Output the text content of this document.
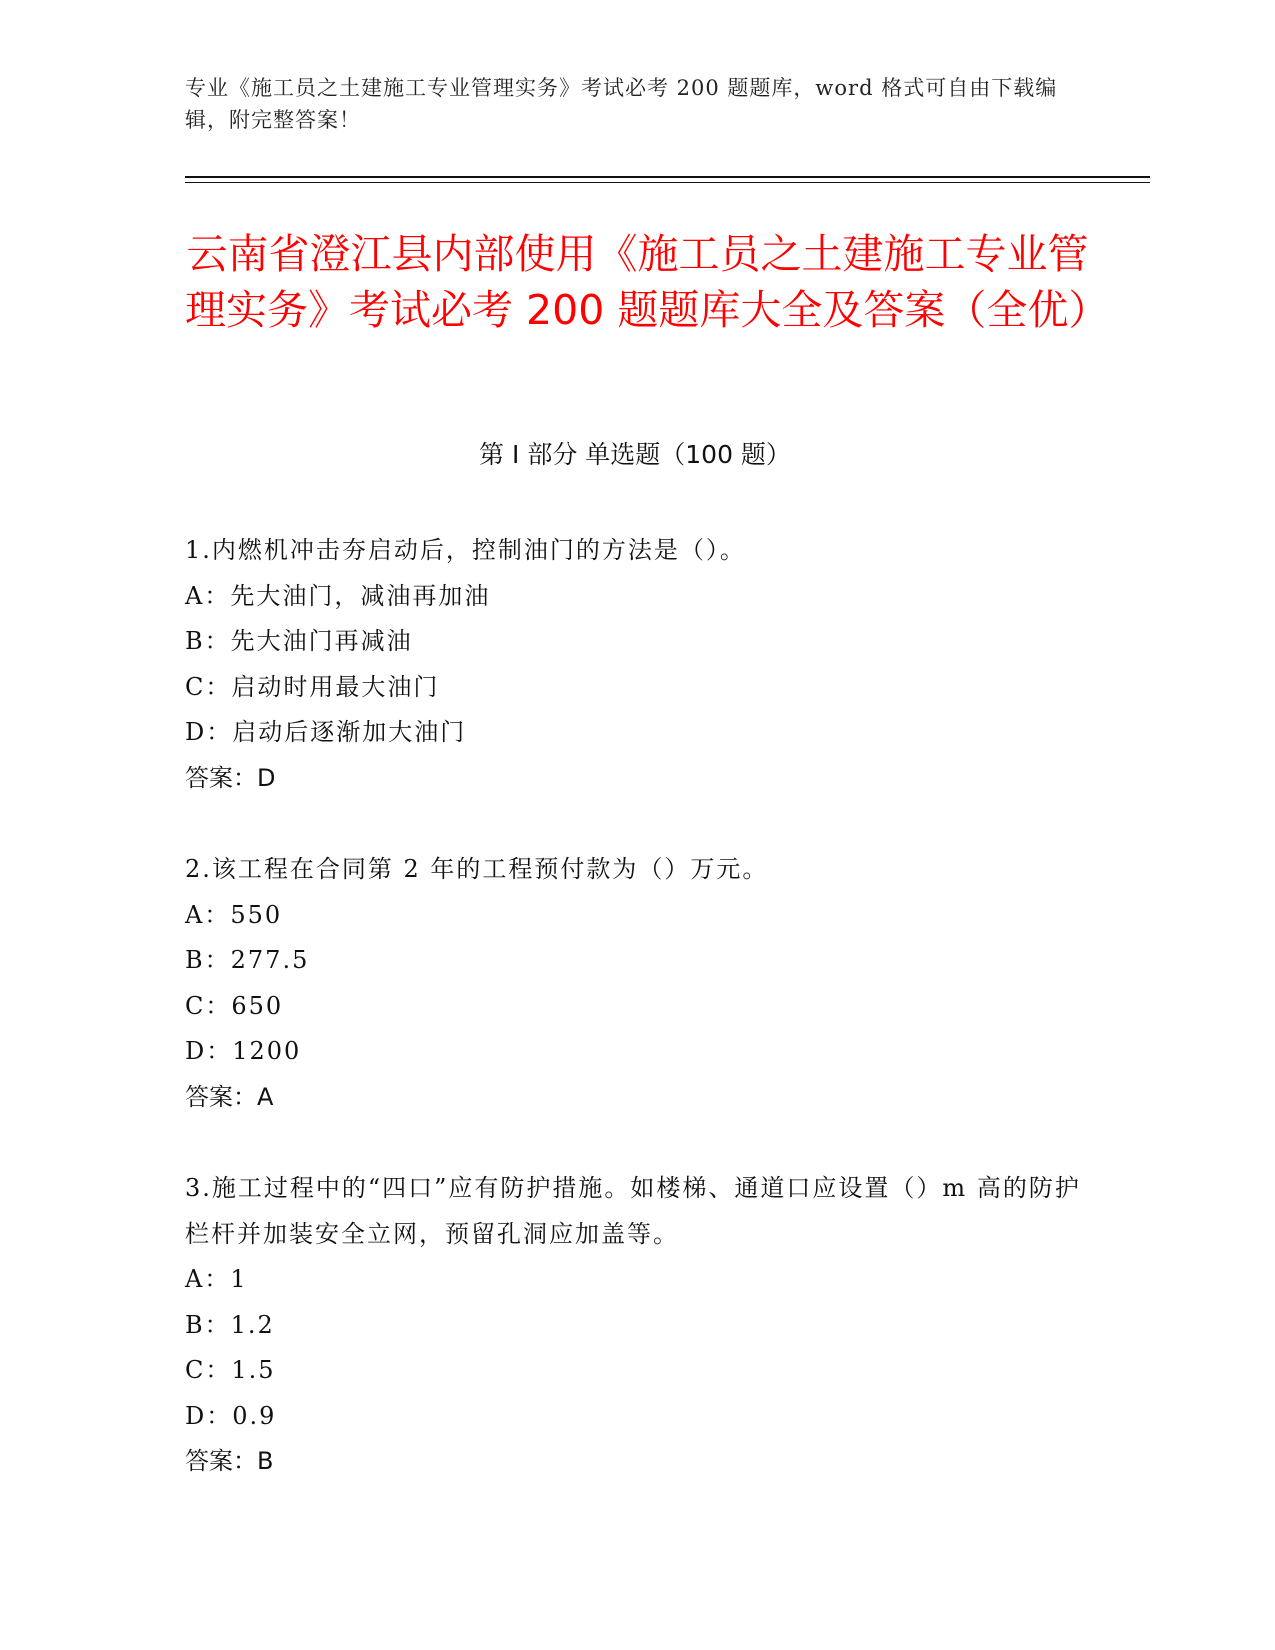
专业《施工员之土建施工专业管理实务》考试必考 200 题题库，word 格式可自由下载编辑，附完整答案！
云南省澄江县内部使用《施工员之土建施工专业管理实务》考试必考 200 题题库大全及答案（全优）
第 I 部分 单选题（100 题）
1.内燃机冲击夯启动后，控制油门的方法是（）。
A：先大油门，减油再加油
B：先大油门再减油
C：启动时用最大油门
D：启动后逐渐加大油门
答案：D
2.该工程在合同第 2 年的工程预付款为（）万元。
A：550
B：277.5
C：650
D：1200
答案：A
3.施工过程中的“四口”应有防护措施。如楼梯、通道口应设置（）m 高的防护栏杆并加装安全立网，预留孔洞应加盖等。
A：1
B：1.2
C：1.5
D：0.9
答案：B
